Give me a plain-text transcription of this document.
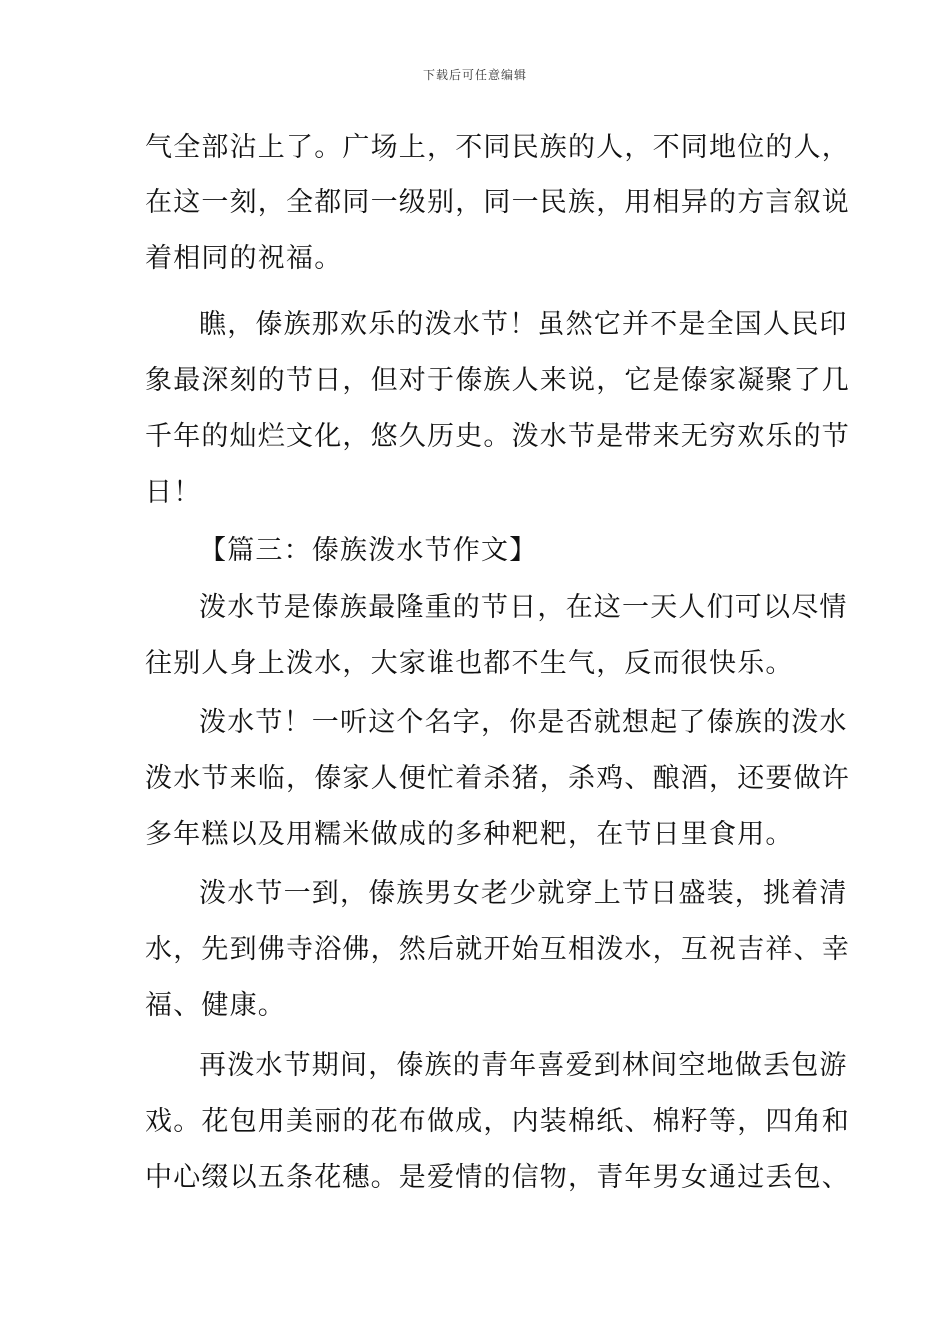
下载后可任意编辑
气全部沾上了。广场上，不同民族的人，不同地位的人，
在这一刻，全都同一级别，同一民族，用相异的方言叙说
着相同的祝福。
瞧，傣族那欢乐的泼水节！虽然它并不是全国人民印
象最深刻的节日，但对于傣族人来说，它是傣家凝聚了几
千年的灿烂文化，悠久历史。泼水节是带来无穷欢乐的节
日！
【篇三：傣族泼水节作文】
泼水节是傣族最隆重的节日，在这一天人们可以尽情
往别人身上泼水，大家谁也都不生气，反而很快乐。
泼水节！一听这个名字，你是否就想起了傣族的泼水
泼水节来临，傣家人便忙着杀猪，杀鸡、酿酒，还要做许
多年糕以及用糯米做成的多种粑粑，在节日里食用。
泼水节一到，傣族男女老少就穿上节日盛装，挑着清
水，先到佛寺浴佛，然后就开始互相泼水，互祝吉祥、幸
福、健康。
再泼水节期间，傣族的青年喜爱到林间空地做丢包游
戏。花包用美丽的花布做成，内装棉纸、棉籽等，四角和
中心缀以五条花穗。是爱情的信物，青年男女通过丢包、
